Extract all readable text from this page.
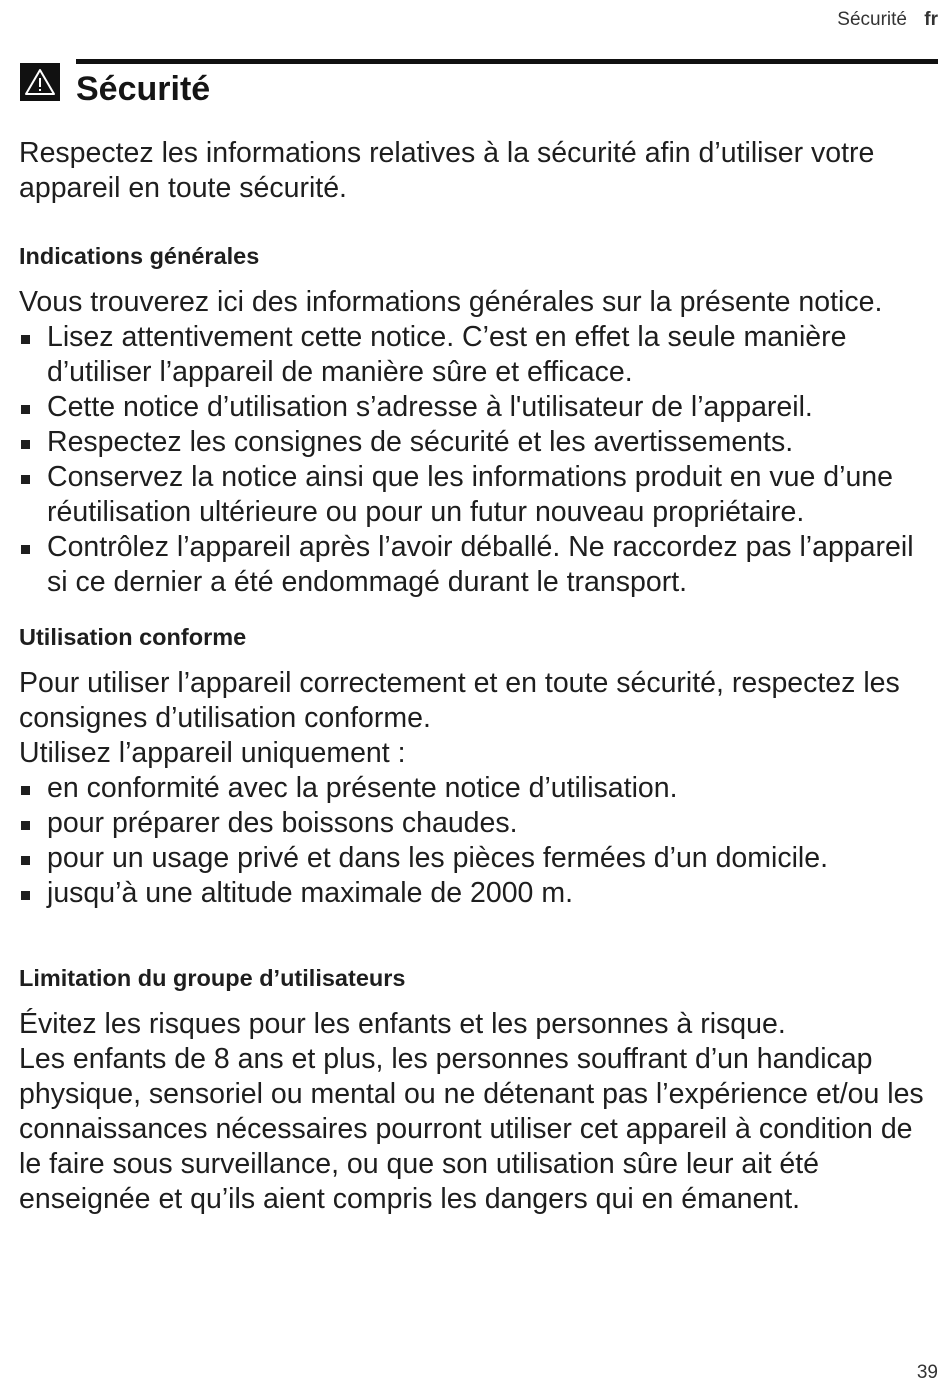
Sécurité fr
Sécurité

Respectez les informations relatives à la sécurité afin d’utiliser votre appareil en toute sécurité.

Indications générales

Vous trouverez ici des informations générales sur la présente notice.

Lisez attentivement cette notice. C’est en effet la seule manière d’utiliser l’appareil de manière sûre et efficace.
Cette notice d’utilisation s’adresse à l'utilisateur de l’appareil.
Respectez les consignes de sécurité et les avertissements.
Conservez la notice ainsi que les informations produit en vue d’une réutilisation ultérieure ou pour un futur nouveau propriétaire.
Contrôlez l’appareil après l’avoir déballé. Ne raccordez pas l’appareil si ce dernier a été endommagé durant le transport.
Utilisation conforme

Pour utiliser l’appareil correctement et en toute sécurité, respectez les consignes d’utilisation conforme.

Utilisez l’appareil uniquement :

en conformité avec la présente notice d’utilisation.
pour préparer des boissons chaudes.
pour un usage privé et dans les pièces fermées d’un domicile.
jusqu’à une altitude maximale de 2000 m.
Limitation du groupe d’utilisateurs

Évitez les risques pour les enfants et les personnes à risque.

Les enfants de 8 ans et plus, les personnes souffrant d’un handicap physique, sensoriel ou mental ou ne détenant pas l’expérience et/ou les connaissances nécessaires pourront utiliser cet appareil à condition de le faire sous surveillance, ou que son utilisation sûre leur ait été enseignée et qu’ils aient compris les dangers qui en émanent.

39
